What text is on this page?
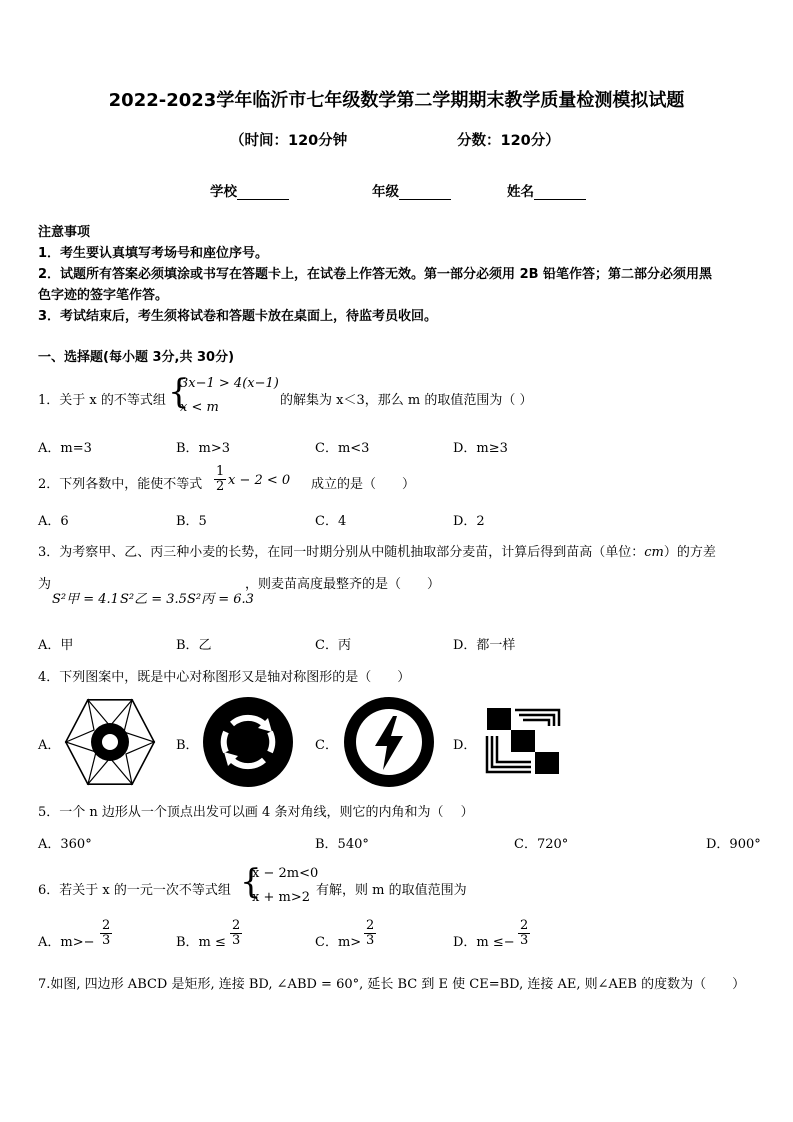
2022-2023学年临沂市七年级数学第二学期期末教学质量检测模拟试题
（时间：120分钟	分数：120分）
学校	年级	姓名
注意事项
1．考生要认真填写考场号和座位序号。
2．试题所有答案必须填涂或书写在答题卡上，在试卷上作答无效。第一部分必须用 2B 铅笔作答；第二部分必须用黑
色字迹的签字笔作答。
3．考试结束后，考生须将试卷和答题卡放在桌面上，待监考员收回。
一、选择题(每小题 3分,共 30分)
1．关于 x 的不等式组 {
3x−1 > 4(x−1)
x < m	的解集为 x＜3，那么 m 的取值范围为（ ）
A．m=3	B．m>3	C．m<3	D．m≥3
2．下列各数中，能使不等式 $\frac{1}{2}$ x − 2 < 0 成立的是（　　）
A．6	B．5	C．4	D．2
3．为考察甲、乙、丙三种小麦的长势，在同一时期分别从中随机抽取部分麦苗，计算后得到苗高（单位：cm）的方差
为
S²甲 = 4.1 S²乙 = 3.5 S²丙 = 6.3
，则麦苗高度最整齐的是（　　）
A．甲	B．乙	C．丙	D．都一样
4．下列图案中，既是中心对称图形又是轴对称图形的是（　　）
A．	B．	C．	D．
5．一个 n 边形从一个顶点出发可以画 4 条对角线，则它的内角和为（　 ）
A．360°	B．540°	C．720°	D．900°
6．若关于 x 的一元一次不等式组 {
x − 2m<0
x + m>2 有解，则 m 的取值范围为
A．$m>- \frac{2}{3}$	B．$m \le \frac{2}{3}$	C．$m> \frac{2}{3}$	D．$m \le- \frac{2}{3}$
7.如图, 四边形 ABCD 是矩形, 连接 BD, ∠ABD = 60°, 延长 BC 到 E 使 CE=BD, 连接 AE, 则∠AEB 的度数为（　　）
